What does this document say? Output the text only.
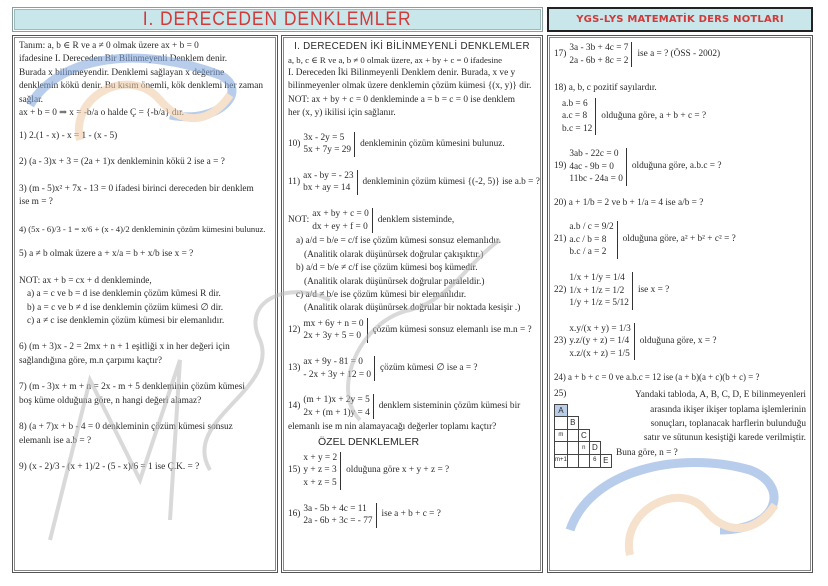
I. DERECEDEN DENKLEMLER	YGS-LYS MATEMATİK DERS NOTLARI

Tanım: a, b ∈ R ve a ≠ 0 olmak üzere ax + b = 0

ifadesine I. Dereceden Bir Bilinmeyenli Denklem denir.

Burada x bilinmeyendir. Denklemi sağlayan x değerine

denklemin kökü denir. Bu kısım önemli, kök denklemi her zaman

sağlar.

ax + b = 0 ⇒ x = -b/a o halde Ç = {-b/a} dır.

1) 2.(1 - x) - x = 1 - (x - 5)

2) (a - 3)x + 3 = (2a + 1)x denkleminin kökü 2 ise a = ?

3) (m - 5)x² + 7x - 13 = 0 ifadesi birinci dereceden bir denklem

ise m = ?

4) (5x - 6)/3 - 1 = x/6 + (x - 4)/2 denkleminin çözüm kümesini bulunuz.

5) a ≠ b olmak üzere a + x/a = b + x/b ise x = ?

NOT: ax + b = cx + d denkleminde,

a) a = c ve b = d ise denklemin çözüm kümesi R dir.

b) a = c ve b ≠ d ise denklemin çözüm kümesi ∅ dir.

c) a ≠ c ise denklemin çözüm kümesi bir elemanlıdır.

6) (m + 3)x - 2 = 2mx + n + 1 eşitliği x in her değeri için

sağlandığına göre, m.n çarpımı kaçtır?

7) (m - 3)x + m + n = 2x - m + 5 denkleminin çözüm kümesi

boş küme olduğuna göre, n hangi değeri alamaz?

8) (a + 7)x + b - 4 = 0 denkleminin çözüm kümesi sonsuz

elemanlı ise a.b = ?

9) (x - 2)/3 - (x + 1)/2 - (5 - x)/6 = 1 ise Ç.K. = ?

I. DERECEDEN İKİ BİLİNMEYENLİ DENKLEMLER

a, b, c ∈ R ve a, b ≠ 0 olmak üzere, ax + by + c = 0 ifadesine

I. Dereceden İki Bilinmeyenli Denklem denir. Burada, x ve y

bilinmeyenler olmak üzere denklemin çözüm kümesi {(x, y)} dir.

NOT: ax + by + c = 0 denkleminde a = b = c = 0 ise denklem

her (x, y) ikilisi için sağlanır.

10)
3x - 2y = 5
5x + 7y = 29
denkleminin çözüm kümesini bulunuz.
11)
ax - by = - 23
bx + ay = 14
denkleminin çözüm kümesi {(-2, 5)} ise a.b = ?
NOT:
ax + by + c = 0
dx + ey + f = 0
denklem sisteminde,

a) a/d = b/e = c/f ise çözüm kümesi sonsuz elemanlıdır.

(Analitik olarak düşünürsek doğrular çakışıktır.)

b) a/d = b/e ≠ c/f ise çözüm kümesi boş kümedir.

(Analitik olarak düşünürsek doğrular paraleldir.)

c) a/d ≠ b/e ise çözüm kümesi bir elemanlıdır.

(Analitik olarak düşünürsek doğrular bir noktada kesişir .)

12)
mx + 6y + n = 0
2x + 3y + 5 = 0
çözüm kümesi sonsuz elemanlı ise m.n = ?
13)
ax + 9y - 81 = 0
- 2x + 3y + 12 = 0
çözüm kümesi ∅ ise a = ?
14)
(m + 1)x + 2y = 5
2x + (m + 1)y = 4
denklem sisteminin çözüm kümesi bir

elemanlı ise m nin alamayacağı değerler toplamı kaçtır?

ÖZEL DENKLEMLER

15)
x + y = 2
y + z = 3
x + z = 5
olduğuna göre x + y + z = ?
16)
3a - 5b + 4c = 11
2a - 6b + 3c = - 77
ise a + b + c = ?
17)
3a - 3b + 4c = 7
2a - 6b + 8c = 2
ise a = ? (ÖSS - 2002)

18) a, b, c pozitif sayılardır.

a.b = 6
a.c = 8
b.c = 12
olduğuna göre, a + b + c = ?
19)
3ab - 22c = 0
4ac - 9b = 0
11bc - 24a = 0
olduğuna göre, a.b.c = ?

20) a + 1/b = 2 ve b + 1/a = 4 ise a/b = ?

21)
a.b / c = 9/2
a.c / b = 8
b.c / a = 2
olduğuna göre, a² + b² + c² = ?
22)
1/x + 1/y = 1/4
1/x + 1/z = 1/2
1/y + 1/z = 5/12
ise x = ?
23)
x.y/(x + y) = 1/3
y.z/(y + z) = 1/4
x.z/(x + z) = 1/5
olduğuna göre, x = ?

24) a + b + c = 0 ve a.b.c = 12 ise (a + b)(a + c)(b + c) = ?

25)
A				
	B			
m		C		
		n	D	
m+1			6	E
Yandaki tabloda, A, B, C, D, E bilinmeyenleri
arasında ikişer ikişer toplama işlemlerinin
sonuçları, toplanacak harflerin bulunduğu
satır ve sütunun kesiştiği karede verilmiştir.
Buna göre, n = ?
